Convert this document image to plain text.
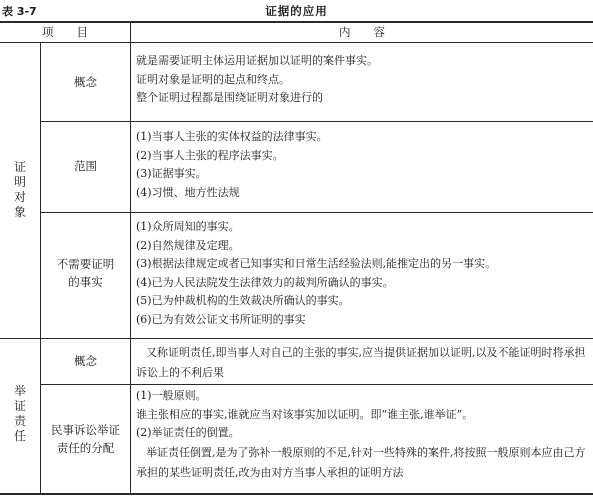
表 3-7	证据的应用
项　　目	内　　容
证
明
对
象
概念
就是需要证明主体运用证据加以证明的案件事实。
证明对象是证明的起点和终点。
整个证明过程都是围绕证明对象进行的
范围
(1)当事人主张的实体权益的法律事实。
(2)当事人主张的程序法事实。
(3)证据事实。
(4)习惯、地方性法规
不需要证明
的事实
(1)众所周知的事实。
(2)自然规律及定理。
(3)根据法律规定或者已知事实和日常生活经验法则,能推定出的另一事实。
(4)已为人民法院发生法律效力的裁判所确认的事实。
(5)已为仲裁机构的生效裁决所确认的事实。
(6)已为有效公证文书所证明的事实
举
证
责
任
概念
又称证明责任,即当事人对自己的主张的事实,应当提供证据加以证明,以及不能证明时将承担诉讼上的不利后果
民事诉讼举证
责任的分配
(1)一般原则。
谁主张相应的事实,谁就应当对该事实加以证明。即“谁主张,谁举证”。
(2)举证责任的倒置。
举证责任倒置,是为了弥补一般原则的不足,针对一些特殊的案件,将按照一般原则本应由己方承担的某些证明责任,改为由对方当事人承担的证明方法
